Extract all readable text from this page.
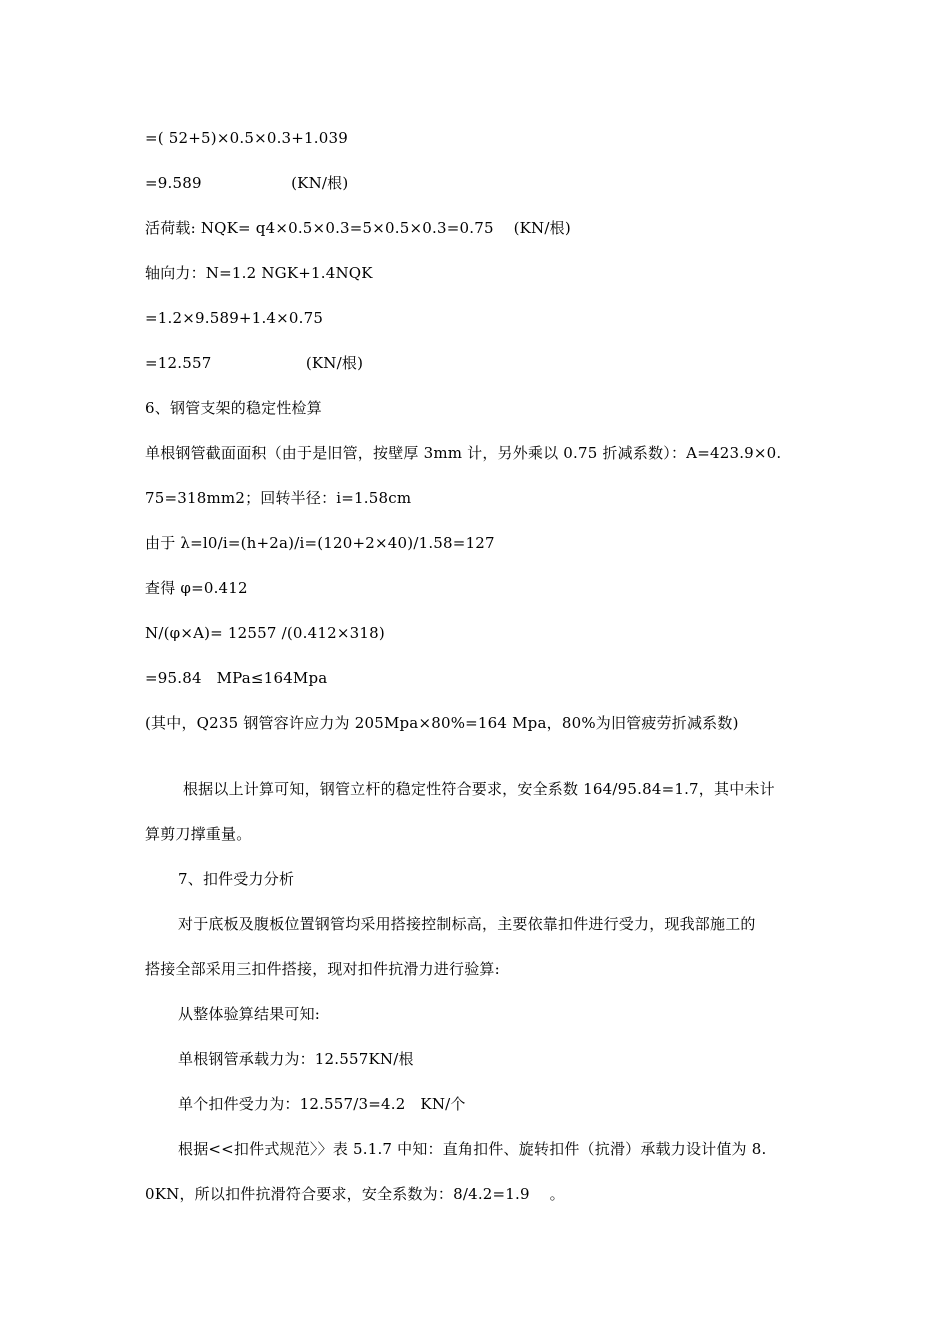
=( 52+5)×0.5×0.3+1.039
=9.589                  (KN/根)
活荷载: NQK= q4×0.5×0.3=5×0.5×0.3=0.75    (KN/根)
轴向力：N=1.2 NGK+1.4NQK
=1.2×9.589+1.4×0.75
=12.557                   (KN/根)
6、钢管支架的稳定性检算
单根钢管截面面积（由于是旧管，按壁厚 3mm 计，另外乘以 0.75 折减系数）：A=423.9×0.
75=318mm2；回转半径：i=1.58cm
由于 λ=l0/i=(h+2a)/i=(120+2×40)/1.58=127
查得 φ=0.412
N/(φ×A)= 12557 /(0.412×318)
=95.84   MPa≤164Mpa
(其中，Q235 钢管容许应力为 205Mpa×80%=164 Mpa，80%为旧管疲劳折减系数)
根据以上计算可知，钢管立杆的稳定性符合要求，安全系数 164/95.84=1.7，其中未计
算剪刀撑重量。
7、扣件受力分析
对于底板及腹板位置钢管均采用搭接控制标高，主要依靠扣件进行受力，现我部施工的
搭接全部采用三扣件搭接，现对扣件抗滑力进行验算:
从整体验算结果可知:
单根钢管承载力为：12.557KN/根
单个扣件受力为：12.557/3=4.2   KN/个
根据<<扣件式规范〉〉表 5.1.7 中知：直角扣件、旋转扣件（抗滑）承载力设计值为 8.
0KN，所以扣件抗滑符合要求，安全系数为：8/4.2=1.9    。
